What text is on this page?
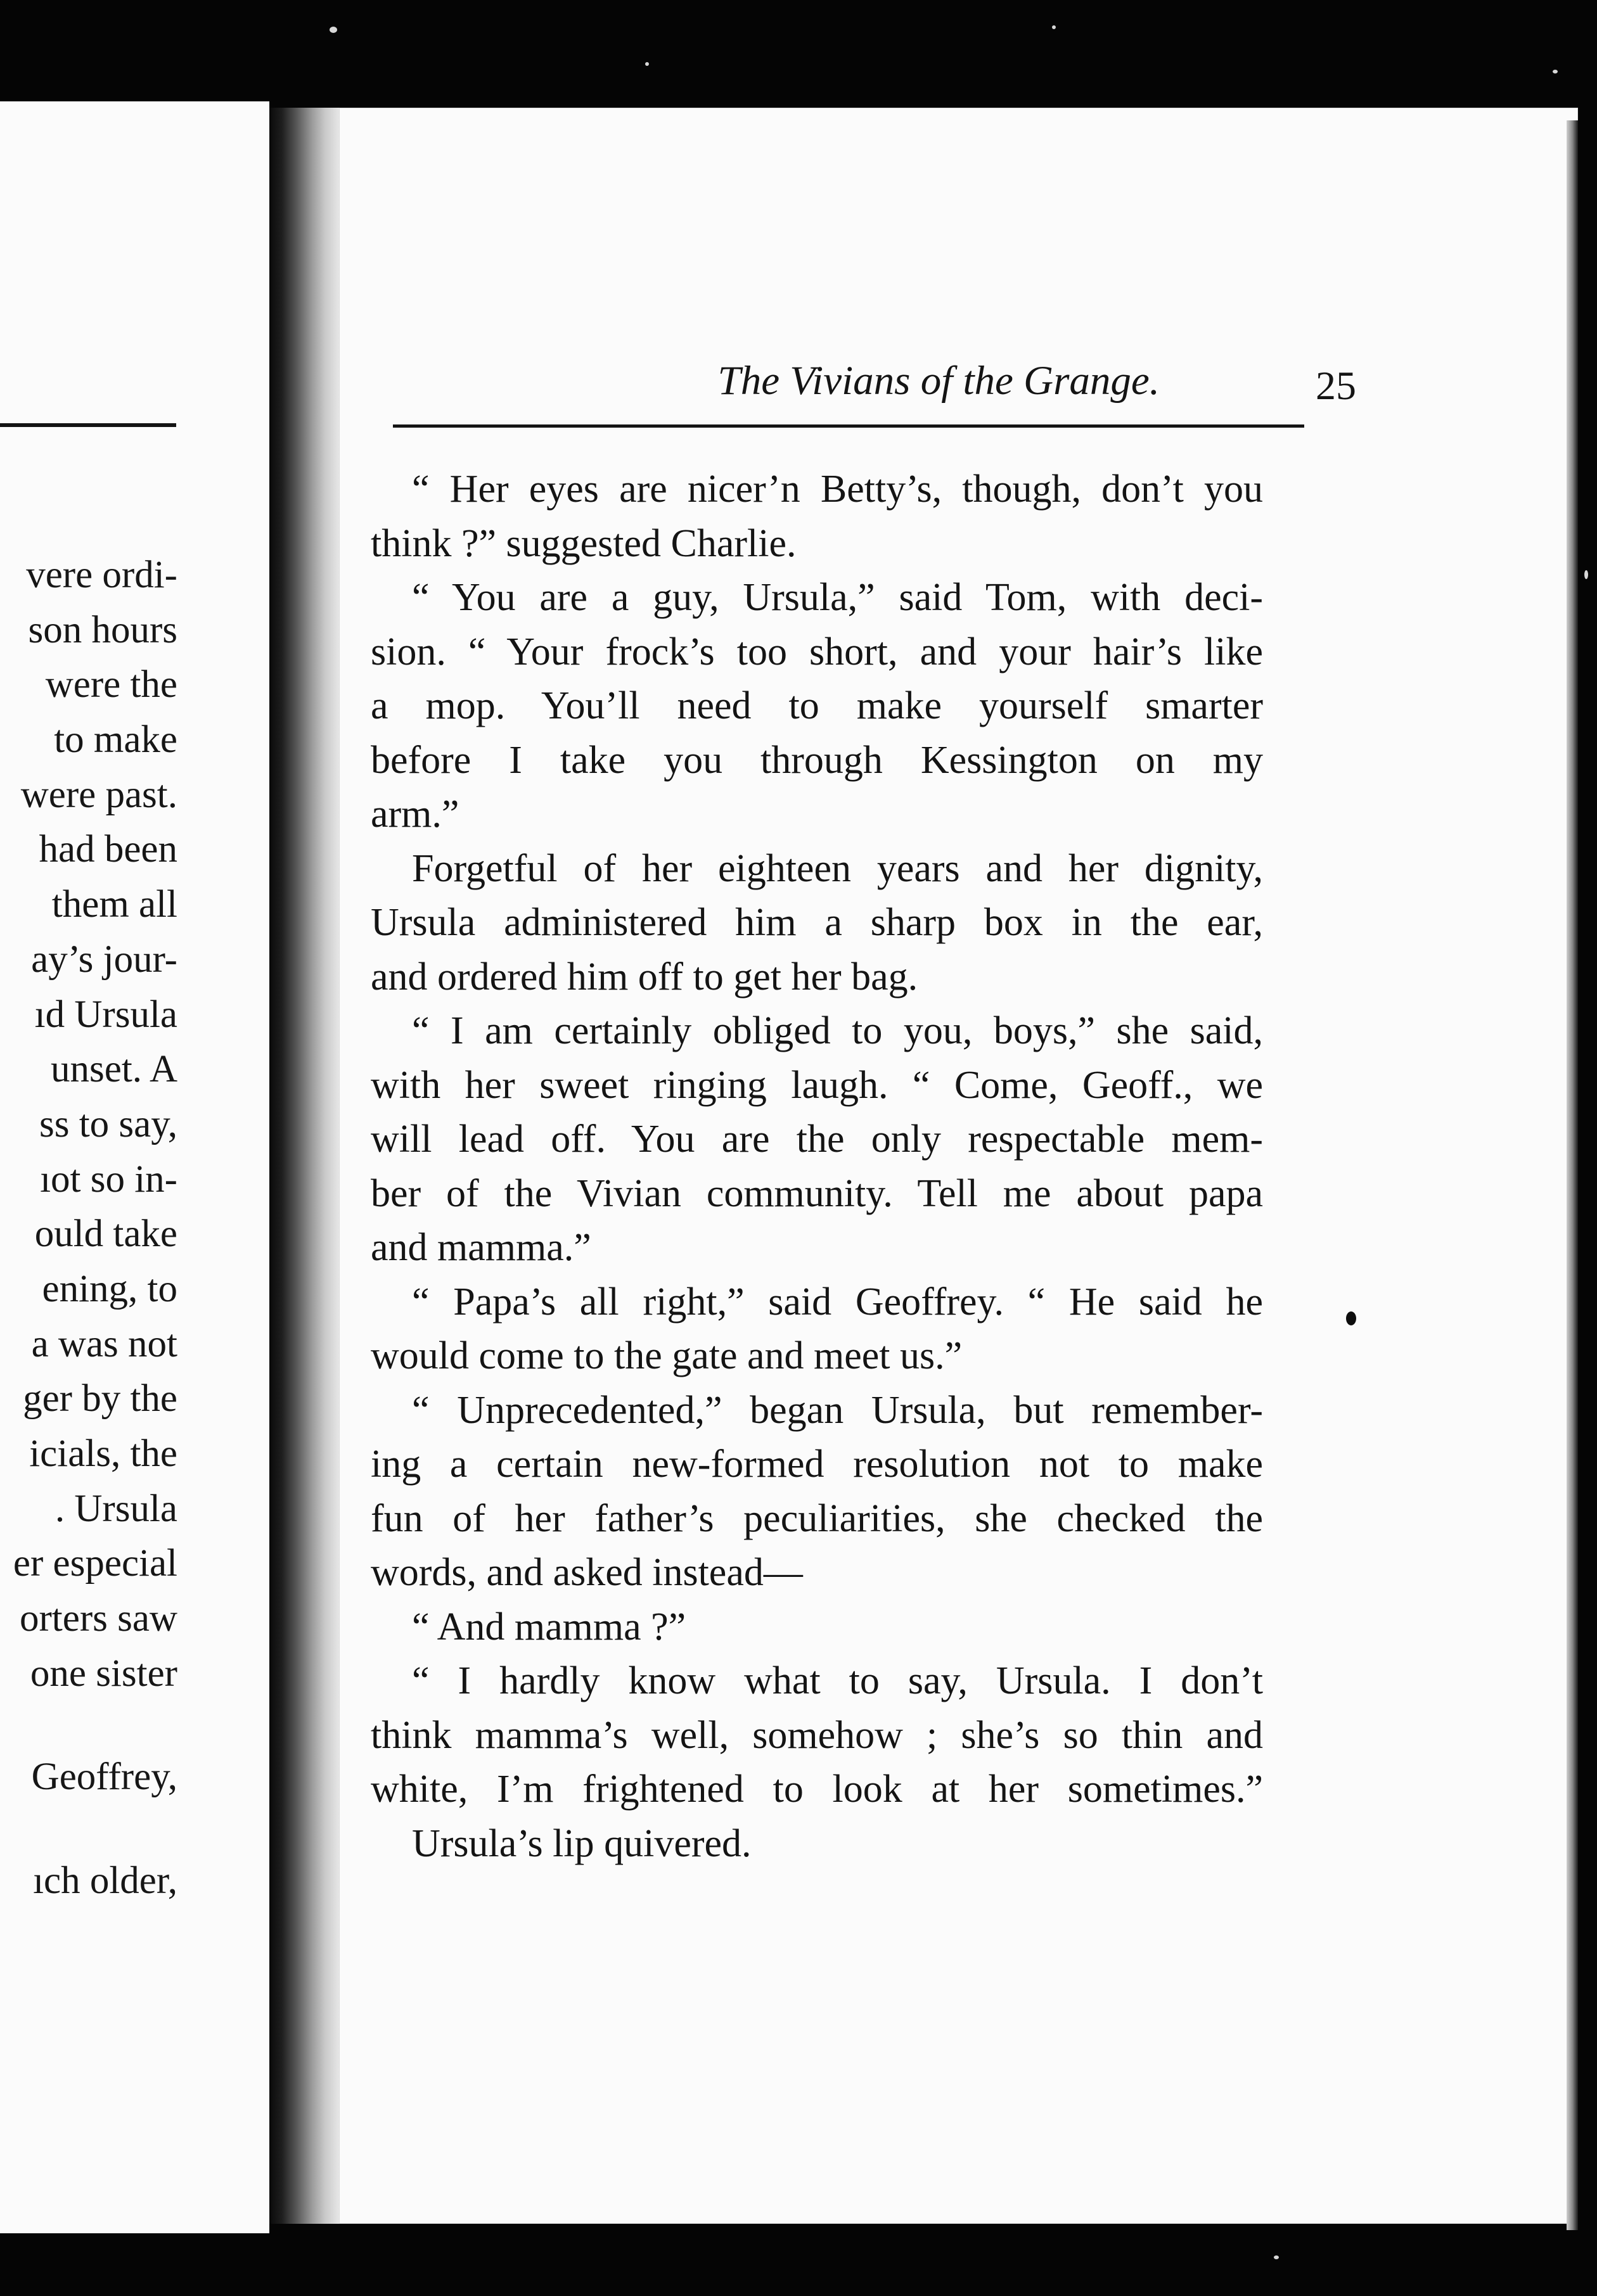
vere ordi-
son hours
were the
to make
were past.
had been
them all
ay’s jour-
ıd Ursula
unset. A
ss to say,
ıot so in-
ould take
ening, to
a was not
ger by the
icials, the
. Ursula
er especial
orters saw
one sister
Geoffrey,
ıch older,
The Vivians of the Grange.	25
“ Her eyes are nicer’n Betty’s, though, don’t you
think ?” suggested Charlie.
“ You are a guy, Ursula,” said Tom, with deci-
sion. “ Your frock’s too short, and your hair’s like
a mop. You’ll need to make yourself smarter
before I take you through Kessington on my
arm.”
Forgetful of her eighteen years and her dignity,
Ursula administered him a sharp box in the ear,
and ordered him off to get her bag.
“ I am certainly obliged to you, boys,” she said,
with her sweet ringing laugh. “ Come, Geoff., we
will lead off. You are the only respectable mem-
ber of the Vivian community. Tell me about papa
and mamma.”
“ Papa’s all right,” said Geoffrey. “ He said he
would come to the gate and meet us.”
“ Unprecedented,” began Ursula, but remember-
ing a certain new-formed resolution not to make
fun of her father’s peculiarities, she checked the
words, and asked instead—
“ And mamma ?”
“ I hardly know what to say, Ursula. I don’t
think mamma’s well, somehow ; she’s so thin and
white, I’m frightened to look at her sometimes.”
Ursula’s lip quivered.
